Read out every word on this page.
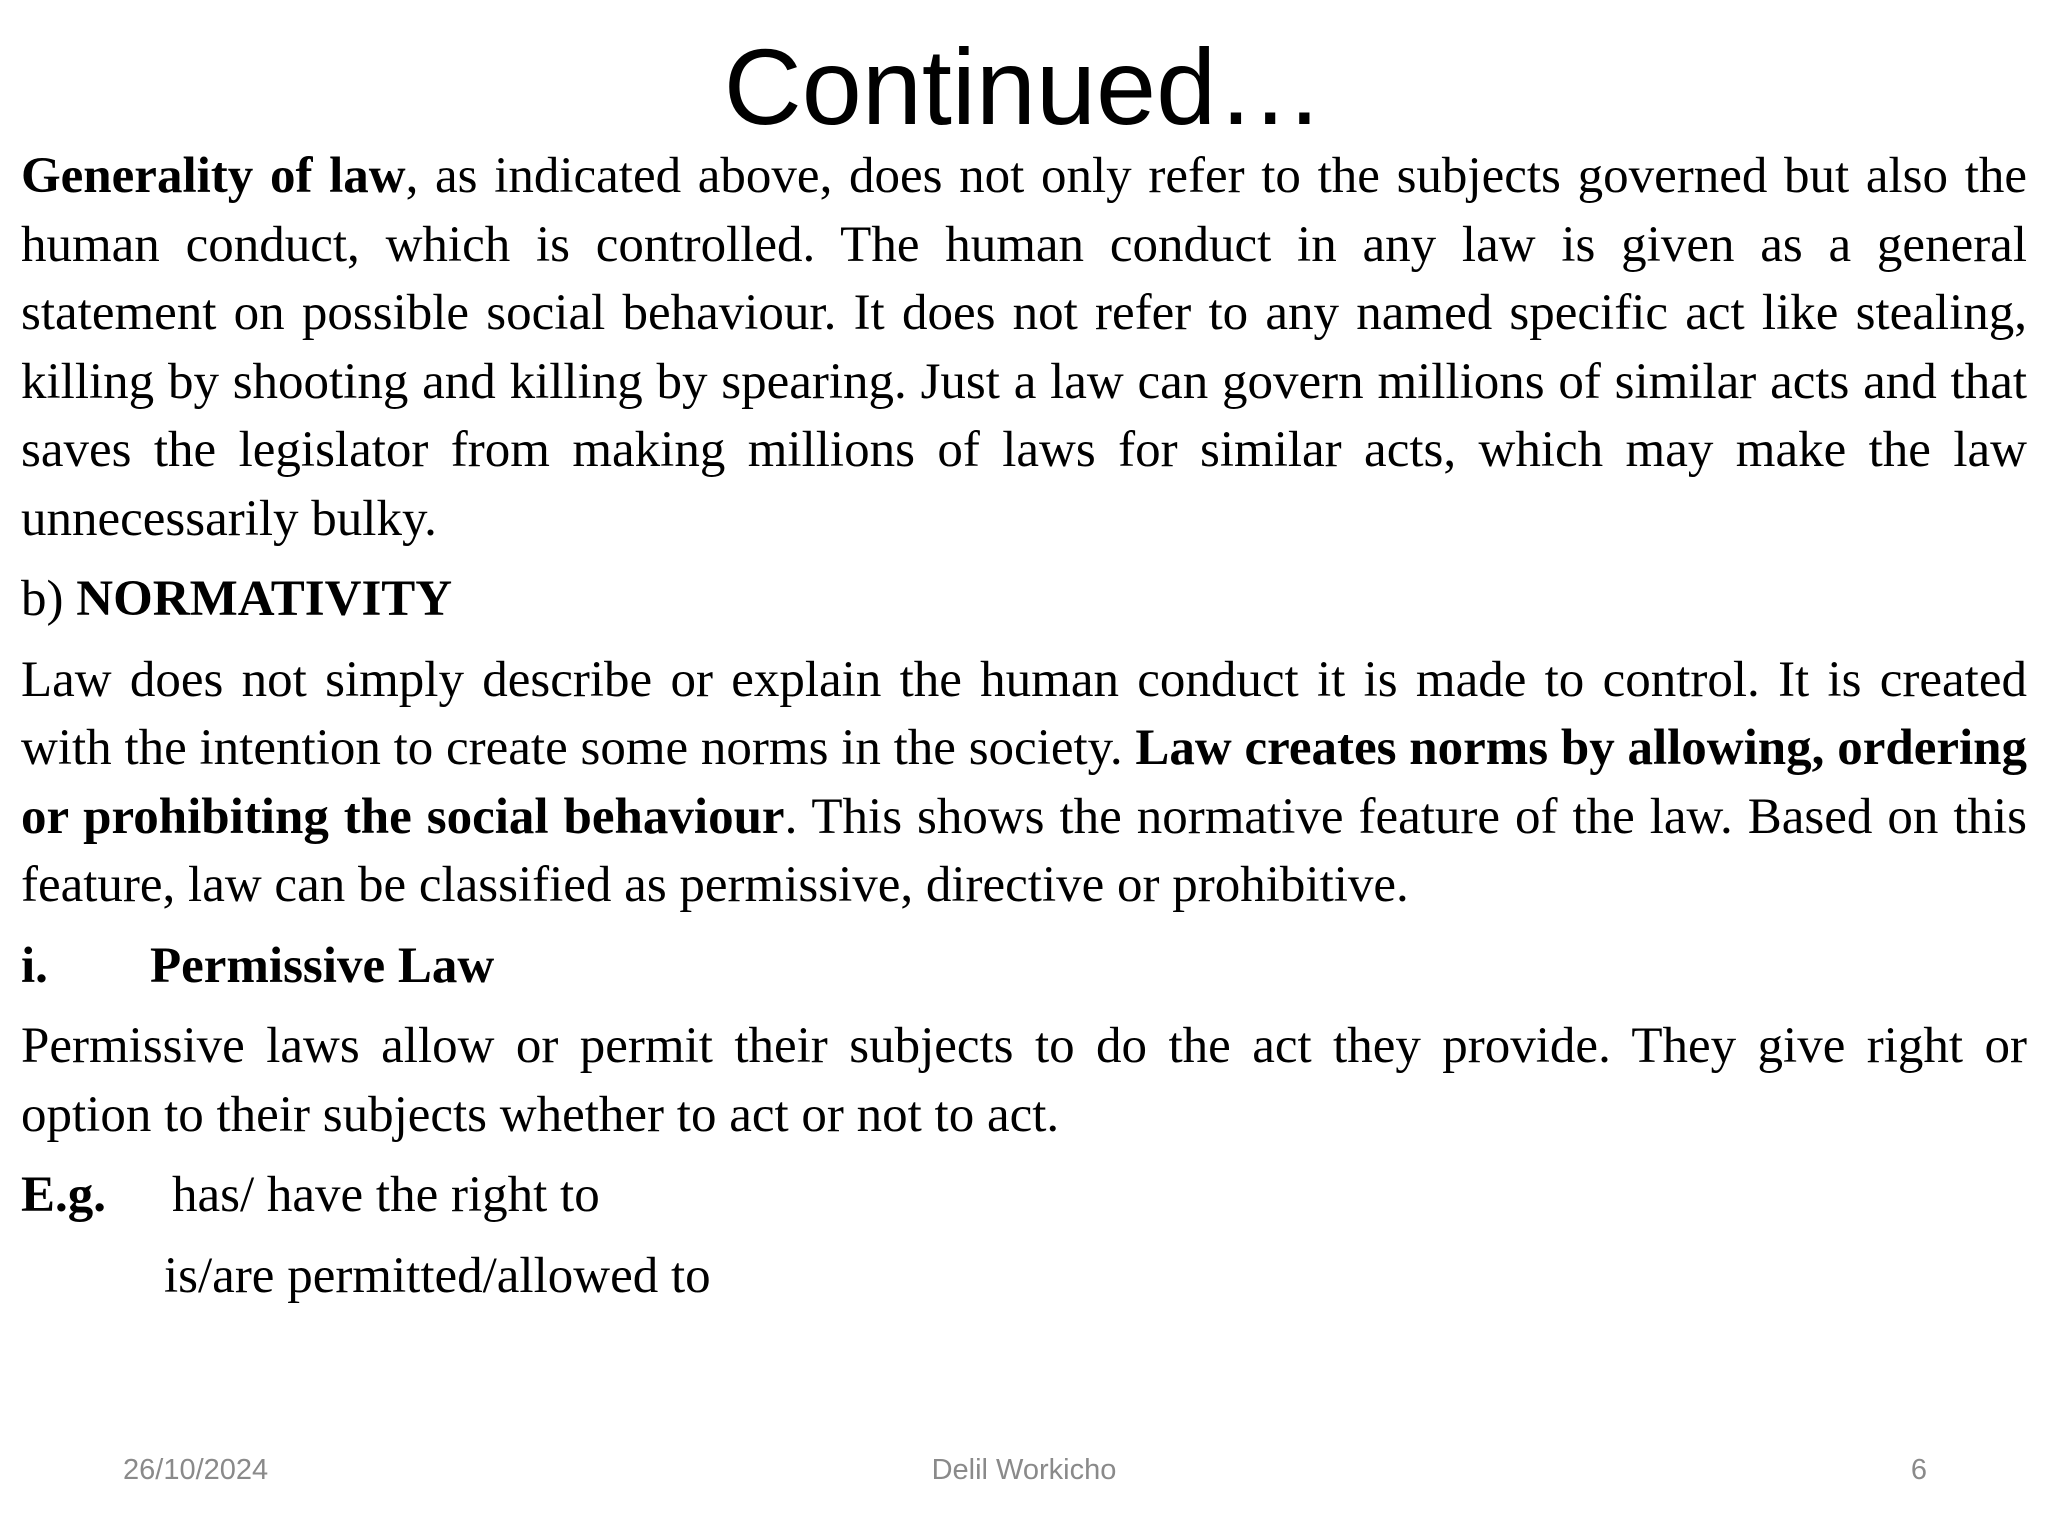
Continued…

Generality of law, as indicated above, does not only refer to the subjects governed but also the human conduct, which is controlled. The human conduct in any law is given as a general statement on possible social behaviour. It does not refer to any named specific act like stealing, killing by shooting and killing by spearing. Just a law can govern millions of similar acts and that saves the legislator from making millions of laws for similar acts, which may make the law unnecessarily bulky.

b) NORMATIVITY

Law does not simply describe or explain the human conduct it is made to control. It is created with the intention to create some norms in the society. Law creates norms by allowing, ordering or prohibiting the social behaviour. This shows the normative feature of the law. Based on this feature, law can be classified as permissive, directive or prohibitive.

i. Permissive Law

Permissive laws allow or permit their subjects to do the act they provide. They give right or option to their subjects whether to act or not to act.

E.g. has/ have the right to

is/are permitted/allowed to

26/10/2024	Delil Workicho	6
